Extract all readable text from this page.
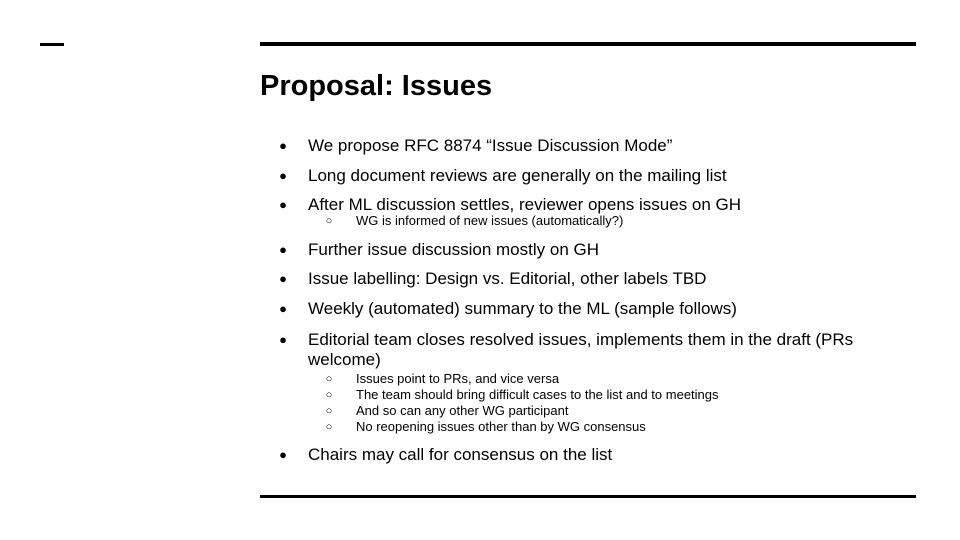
Proposal: Issues
● We propose RFC 8874 “Issue Discussion Mode”
● Long document reviews are generally on the mailing list
● After ML discussion settles, reviewer opens issues on GH
○ WG is informed of new issues (automatically?)
● Further issue discussion mostly on GH
● Issue labelling: Design vs. Editorial, other labels TBD
● Weekly (automated) summary to the ML (sample follows)
● Editorial team closes resolved issues, implements them in the draft (PRs welcome)
○ Issues point to PRs, and vice versa
○ The team should bring difficult cases to the list and to meetings
○ And so can any other WG participant
○ No reopening issues other than by WG consensus
● Chairs may call for consensus on the list
